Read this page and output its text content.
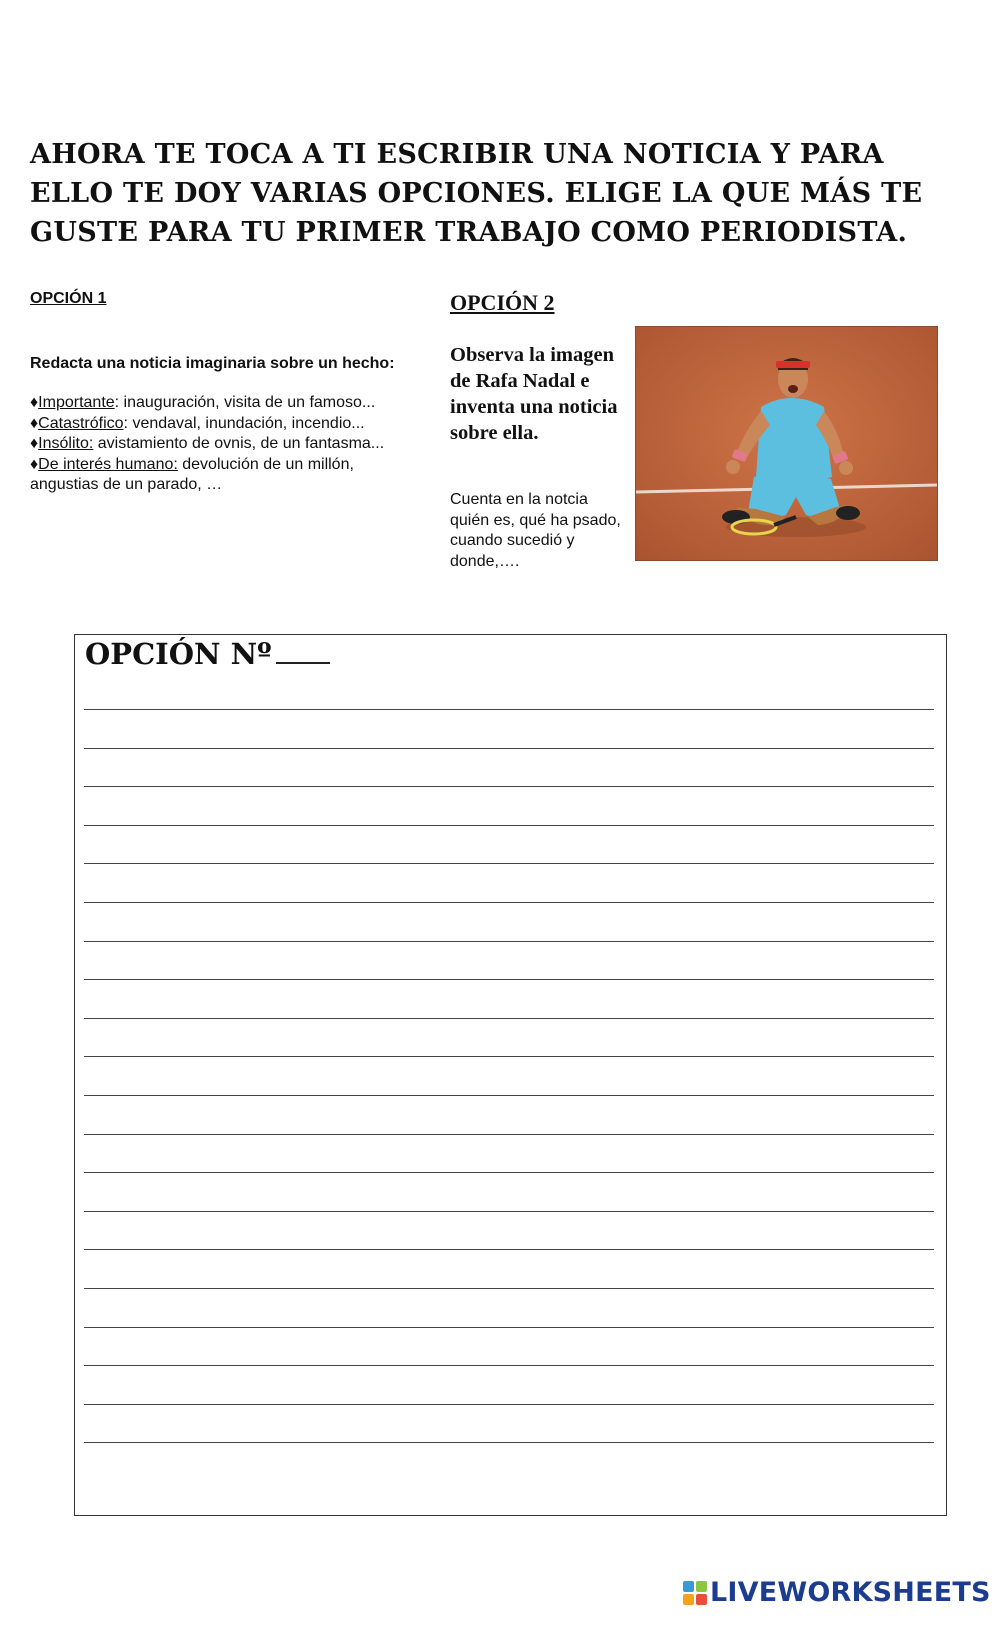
AHORA TE TOCA A TI ESCRIBIR UNA NOTICIA Y PARA ELLO TE DOY VARIAS OPCIONES. ELIGE LA QUE MÁS TE GUSTE PARA TU PRIMER TRABAJO COMO PERIODISTA.
OPCIÓN 1
Redacta una noticia imaginaria sobre un hecho:
♦Importante: inauguración, visita de un famoso...
♦Catastrófico: vendaval, inundación, incendio...
♦Insólito: avistamiento de ovnis, de un fantasma...
♦De interés humano: devolución de un millón,
angustias de un parado, …
OPCIÓN 2

Observa la imagen de Rafa Nadal e inventa una noticia sobre ella.

Cuenta en la notcia quién es, qué ha psado, cuando sucedió y donde,….

OPCIÓN Nº
LIVEWORKSHEETS
